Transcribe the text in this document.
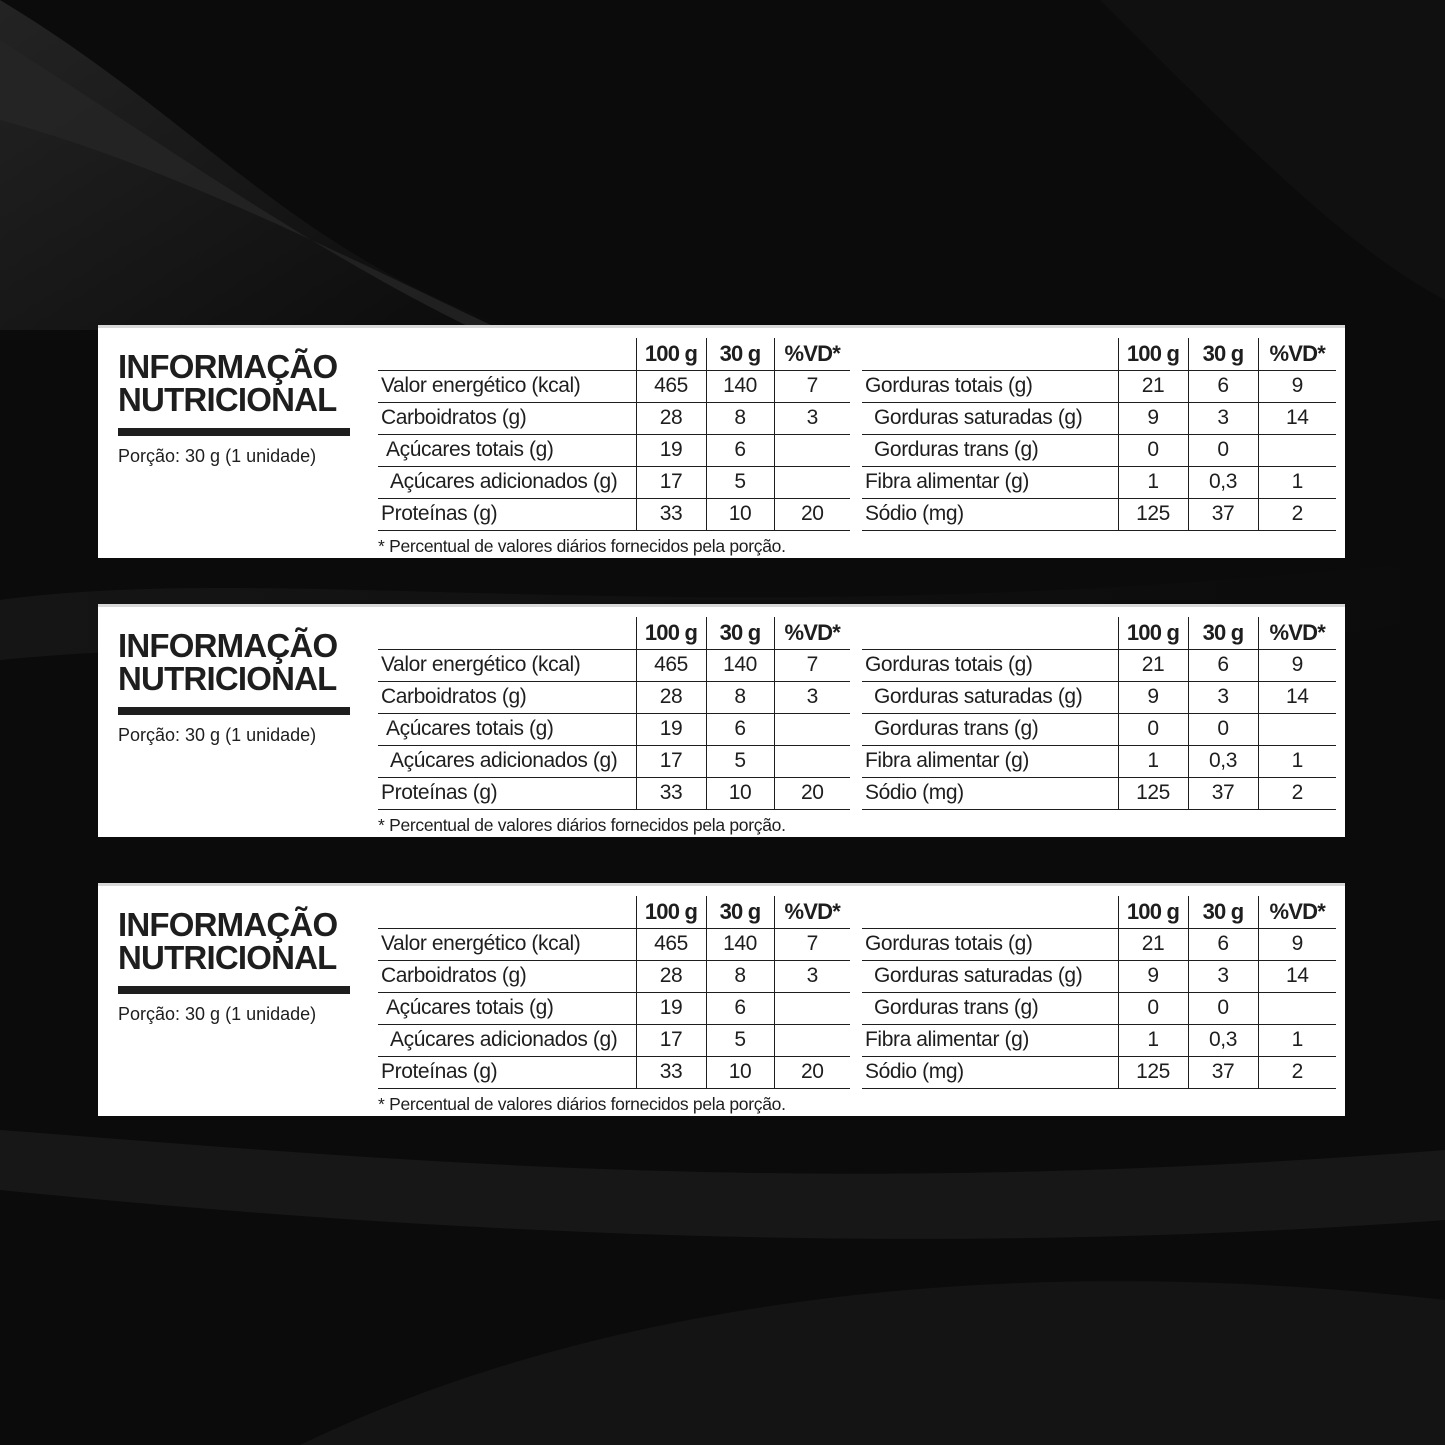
INFORMAÇÃO
NUTRICIONAL
Porção: 30 g (1 unidade)
	100 g	30 g	%VD*
Valor energético (kcal)	465	140	7
Carboidratos (g)	28	8	3
Açúcares totais (g)	19	6	
Açúcares adicionados (g)	17	5	
Proteínas (g)	33	10	20
	100 g	30 g	%VD*
Gorduras totais (g)	21	6	9
Gorduras saturadas (g)	9	3	14
Gorduras trans (g)	0	0	
Fibra alimentar (g)	1	0,3	1
Sódio (mg)	125	37	2
* Percentual de valores diários fornecidos pela porção.
INFORMAÇÃO
NUTRICIONAL
Porção: 30 g (1 unidade)
	100 g	30 g	%VD*
Valor energético (kcal)	465	140	7
Carboidratos (g)	28	8	3
Açúcares totais (g)	19	6	
Açúcares adicionados (g)	17	5	
Proteínas (g)	33	10	20
	100 g	30 g	%VD*
Gorduras totais (g)	21	6	9
Gorduras saturadas (g)	9	3	14
Gorduras trans (g)	0	0	
Fibra alimentar (g)	1	0,3	1
Sódio (mg)	125	37	2
* Percentual de valores diários fornecidos pela porção.
INFORMAÇÃO
NUTRICIONAL
Porção: 30 g (1 unidade)
	100 g	30 g	%VD*
Valor energético (kcal)	465	140	7
Carboidratos (g)	28	8	3
Açúcares totais (g)	19	6	
Açúcares adicionados (g)	17	5	
Proteínas (g)	33	10	20
	100 g	30 g	%VD*
Gorduras totais (g)	21	6	9
Gorduras saturadas (g)	9	3	14
Gorduras trans (g)	0	0	
Fibra alimentar (g)	1	0,3	1
Sódio (mg)	125	37	2
* Percentual de valores diários fornecidos pela porção.
